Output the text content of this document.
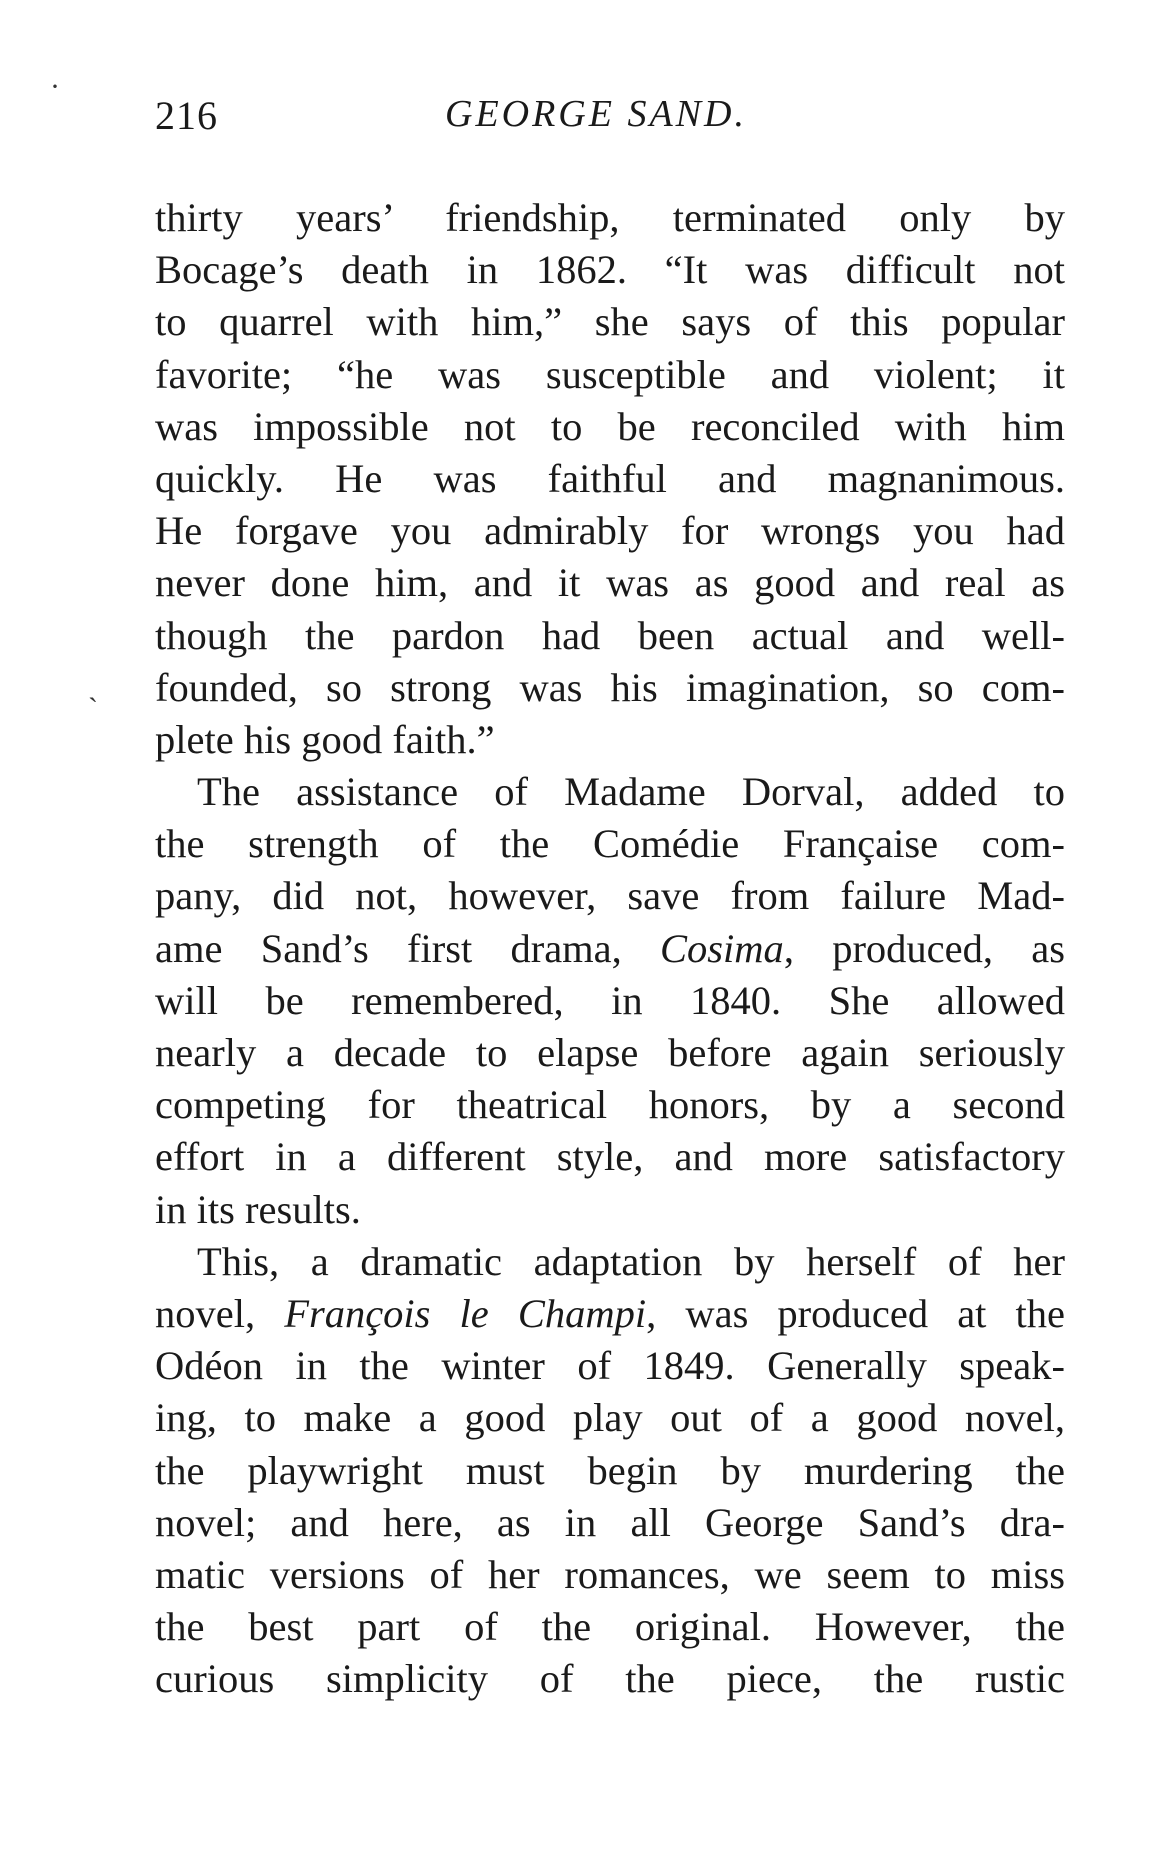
216	GEORGE SAND.
·
ˋ
thirty years’ friendship, terminated only by
Bocage’s death in 1862. “It was difficult not
to quarrel with him,” she says of this popular
favorite; “he was susceptible and violent; it
was impossible not to be reconciled with him
quickly. He was faithful and magnanimous.
He forgave you admirably for wrongs you had
never done him, and it was as good and real as
though the pardon had been actual and well-
founded, so strong was his imagination, so com-
plete his good faith.”
The assistance of Madame Dorval, added to
the strength of the Comédie Française com-
pany, did not, however, save from failure Mad-
ame Sand’s first drama, Cosima, produced, as
will be remembered, in 1840. She allowed
nearly a decade to elapse before again seriously
competing for theatrical honors, by a second
effort in a different style, and more satisfactory
in its results.
This, a dramatic adaptation by herself of her
novel, François le Champi, was produced at the
Odéon in the winter of 1849. Generally speak-
ing, to make a good play out of a good novel,
the playwright must begin by murdering the
novel; and here, as in all George Sand’s dra-
matic versions of her romances, we seem to miss
the best part of the original. However, the
curious simplicity of the piece, the rustic
